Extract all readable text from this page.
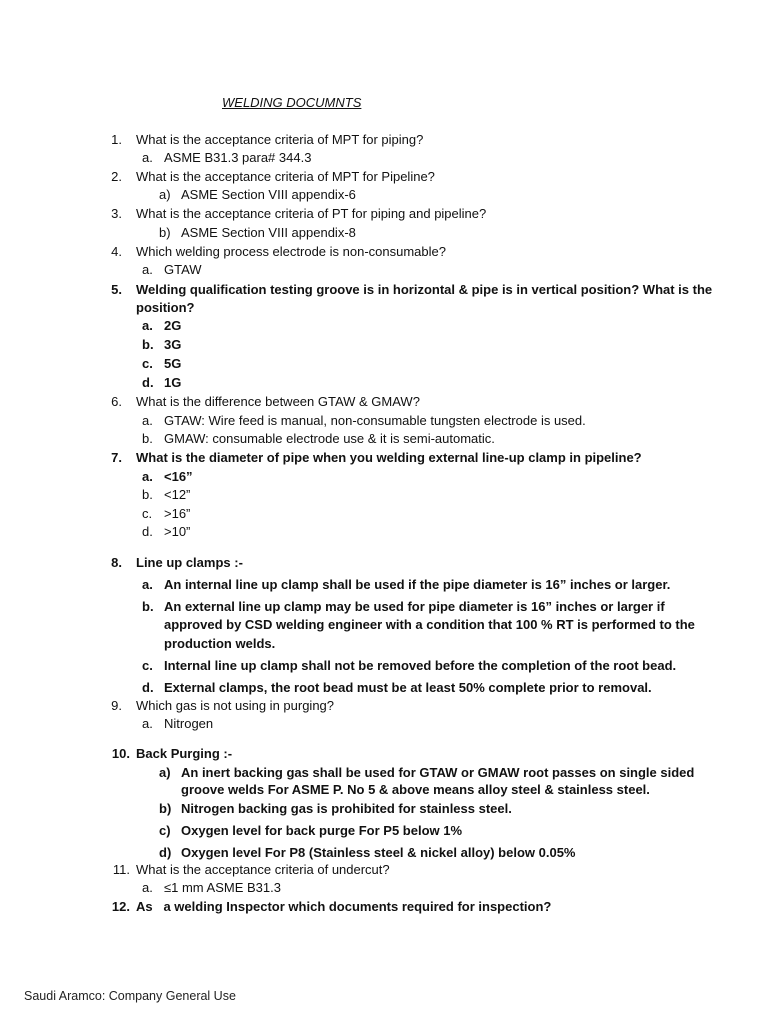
WELDING DOCUMNTS
1. What is the acceptance criteria of MPT for piping?
a. ASME B31.3 para# 344.3
2. What is the acceptance criteria of MPT for Pipeline?
a) ASME Section VIII appendix-6
3. What is the acceptance criteria of PT for piping and pipeline?
b) ASME Section VIII appendix-8
4. Which welding process electrode is non-consumable?
a. GTAW
5. Welding qualification testing groove is in horizontal & pipe is in vertical position? What is the
position?
a. 2G
b. 3G
c. 5G
d. 1G
6. What is the difference between GTAW & GMAW?
a. GTAW: Wire feed is manual, non-consumable tungsten electrode is used.
b. GMAW: consumable electrode use & it is semi-automatic.
7. What is the diameter of pipe when you welding external line-up clamp in pipeline?
a. <16”
b. <12”
c. >16”
d. >10”
8. Line up clamps :-
a. An internal line up clamp shall be used if the pipe diameter is 16” inches or larger.
b. An external line up clamp may be used for pipe diameter is 16” inches or larger if
approved by CSD welding engineer with a condition that 100 % RT is performed to the
production welds.
c. Internal line up clamp shall not be removed before the completion of the root bead.
d. External clamps, the root bead must be at least 50% complete prior to removal.
9. Which gas is not using in purging?
a. Nitrogen
10. Back Purging :-
a) An inert backing gas shall be used for GTAW or GMAW root passes on single sided
groove welds For ASME P. No 5 & above means alloy steel & stainless steel.
b) Nitrogen backing gas is prohibited for stainless steel.
c) Oxygen level for back purge For P5 below 1%
d) Oxygen level For P8 (Stainless steel & nickel alloy) below 0.05%
11. What is the acceptance criteria of undercut?
a. ≤1 mm ASME B31.3
12. As   a welding Inspector which documents required for inspection?
Saudi Aramco: Company General Use
